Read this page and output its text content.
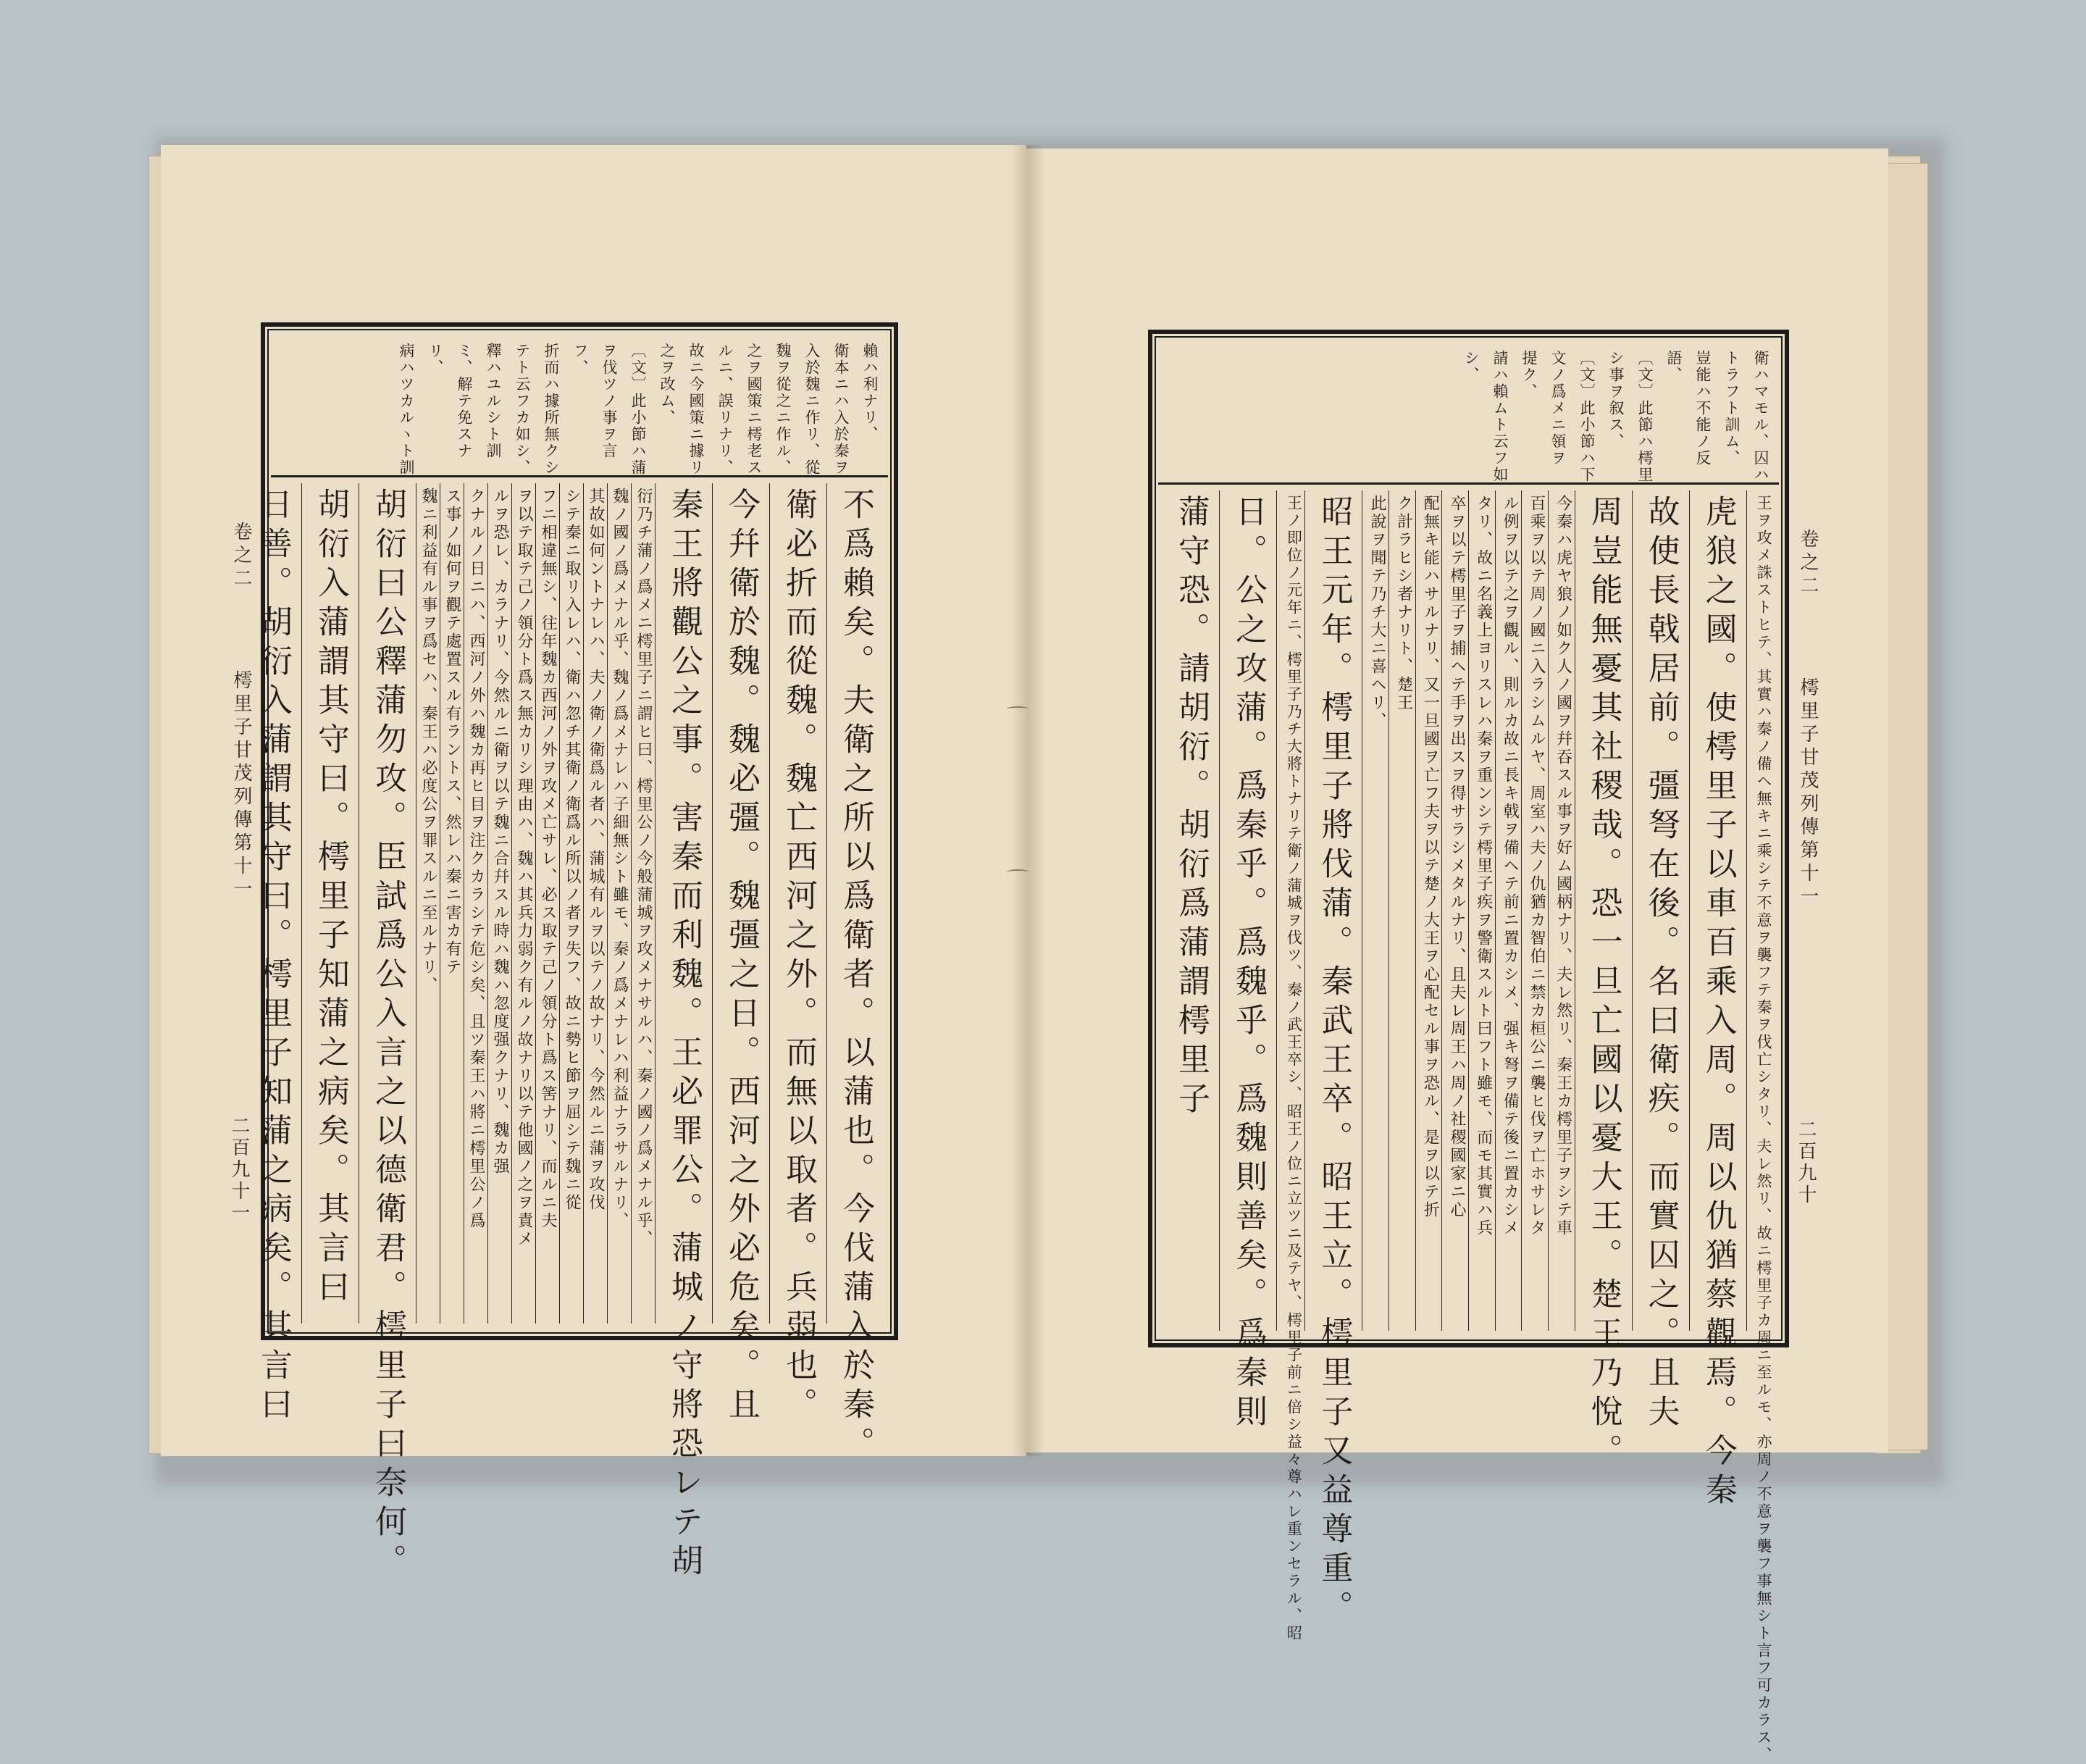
卷之二
樗里子甘茂列傳第十一
二百九十一
賴ハ利ナリ、
衛本ニハ入於秦ヲ
入於魏ニ作リ、從
魏ヲ從之ニ作ル、
之ヲ國策ニ樗老ス
ルニ、誤リナリ、
故ニ今國策ニ據リ
之ヲ改ム、
〔文〕此小節ハ蒲
ヲ伐ツノ事ヲ言
フ、
折而ハ據所無クシ
テト云フカ如シ、
釋ハユルシト訓
ミ、解テ免スナ
リ、
病ハツカルヽト訓
不爲賴矣。夫衛之所以爲衛者。以蒲也。今伐蒲入於秦。
衛必折而從魏。魏亡西河之外。而無以取者。兵弱也。
今幷衛於魏。魏必彊。魏彊之日。西河之外必危矣。且
秦王將觀公之事。害秦而利魏。王必罪公。蒲城ノ守將恐レテ胡
衍乃チ蒲ノ爲メニ樗里子ニ謂ヒ曰、樗里公ノ今般蒲城ヲ攻メナサルハ、秦ノ國ノ爲メナル乎、
魏ノ國ノ爲メナル乎、魏ノ爲メナレハ子細無シト雖モ、秦ノ爲メナレハ利益ナラサルナリ、
其故如何ントナレハ、夫ノ衛ノ衛爲ル者ハ、蒲城有ルヲ以テノ故ナリ、今然ルニ蒲ヲ攻伐
シテ秦ニ取リ入レハ、衛ハ忽チ其衛ノ衛爲ル所以ノ者ヲ失フ、故ニ勢ヒ節ヲ屈シテ魏ニ從
フニ相違無シ、往年魏カ西河ノ外ヲ攻メ亡サレ、必ス取テ己ノ領分ト爲ス筈ナリ、而ルニ夫
ヲ以テ取テ己ノ領分ト爲ス無カリシ理由ハ、魏ハ其兵力弱ク有ルノ故ナリ以テ他國ノ之ヲ責メ
ルヲ恐レ、カラナリ、今然ルニ衛ヲ以テ魏ニ合幷スル時ハ魏ハ忽度强クナリ、魏カ强
クナルノ日ニハ、西河ノ外ハ魏カ再ヒ目ヲ注クカラシテ危シ矣、且ツ秦王ハ將ニ樗里公ノ爲
ス事ノ如何ヲ觀テ處置スル有ラントス、然レハ秦ニ害カ有テ
魏ニ利益有ル事ヲ爲セハ、秦王ハ必度公ヲ罪スルニ至ルナリ、
胡衍曰公釋蒲勿攻。臣試爲公入言之以德衛君。樗里子曰奈何。
胡衍入蒲謂其守曰。樗里子知蒲之病矣。其言曰
日善。胡衍入蒲謂其守曰。樗里子知蒲之病矣。其言曰	卷之二
樗里子甘茂列傳第十一
二百九十
衛ハマモル、囚ハ
トラフト訓ム、
豈能ハ不能ノ反
語、
〔文〕此節ハ樗里
シ事ヲ叙ス、
〔文〕此小節ハ下
文ノ爲メニ領ヲ
提ク、
請ハ賴ムト云フ如
シ、
王ヲ攻メ誅ストヒテ、其實ハ秦ノ備ヘ無キニ乘シテ不意ヲ襲フテ秦ヲ伐亡シタリ、夫レ然リ、故ニ樗里子カ周ニ至ルモ、亦周ノ不意ヲ襲フ事無シト言フ可カラス、
虎狼之國。使樗里子以車百乘入周。周以仇猶蔡觀焉。今秦
故使長戟居前。彊弩在後。名曰衛疾。而實囚之。且夫
周豈能無憂其社稷哉。恐一旦亡國以憂大王。楚王乃悅。
今秦ハ虎ヤ狼ノ如ク人ノ國ヲ幷吞スル事ヲ好ム國柄ナリ、夫レ然リ、秦王カ樗里子ヲシテ車
百乘ヲ以テ周ノ國ニ入ラシムルヤ、周室ハ夫ノ仇猶カ智伯ニ禁カ桓公ニ襲ヒ伐ヲ亡ホサレタ
ル例ヲ以テ之ヲ觀ル、則ルカ故ニ長キ戟ヲ備ヘテ前ニ置カシメ、强キ弩ヲ備テ後ニ置カシメ
タリ、故ニ名義上ヨリスレハ秦ヲ重ンシテ樗里子疾ヲ警衛スルト曰フト雖モ、而モ其實ハ兵
卒ヲ以テ樗里子ヲ捕ヘテ手ヲ出スヲ得サラシメタルナリ、且夫レ周王ハ周ノ社稷國家ニ心
配無キ能ハサルナリ、又一旦國ヲ亡フ夫ヲ以テ楚ノ大王ヲ心配セル事ヲ恐ル、是ヲ以テ折
ク計ラヒシ者ナリト、楚王
此說ヲ聞テ乃チ大ニ喜ヘリ、
昭王元年。樗里子將伐蒲。秦武王卒。昭王立。樗里子又益尊重。
王ノ即位ノ元年ニ、樗里子乃チ大將トナリテ衛ノ蒲城ヲ伐ツ、秦ノ武王卒シ、昭王ノ位ニ立ツニ及テヤ、樗里子前ニ倍シ益々尊ハレ重ンセラル、昭
日。公之攻蒲。爲秦乎。爲魏乎。爲魏則善矣。爲秦則
蒲守恐。請胡衍。胡衍爲蒲謂樗里子
